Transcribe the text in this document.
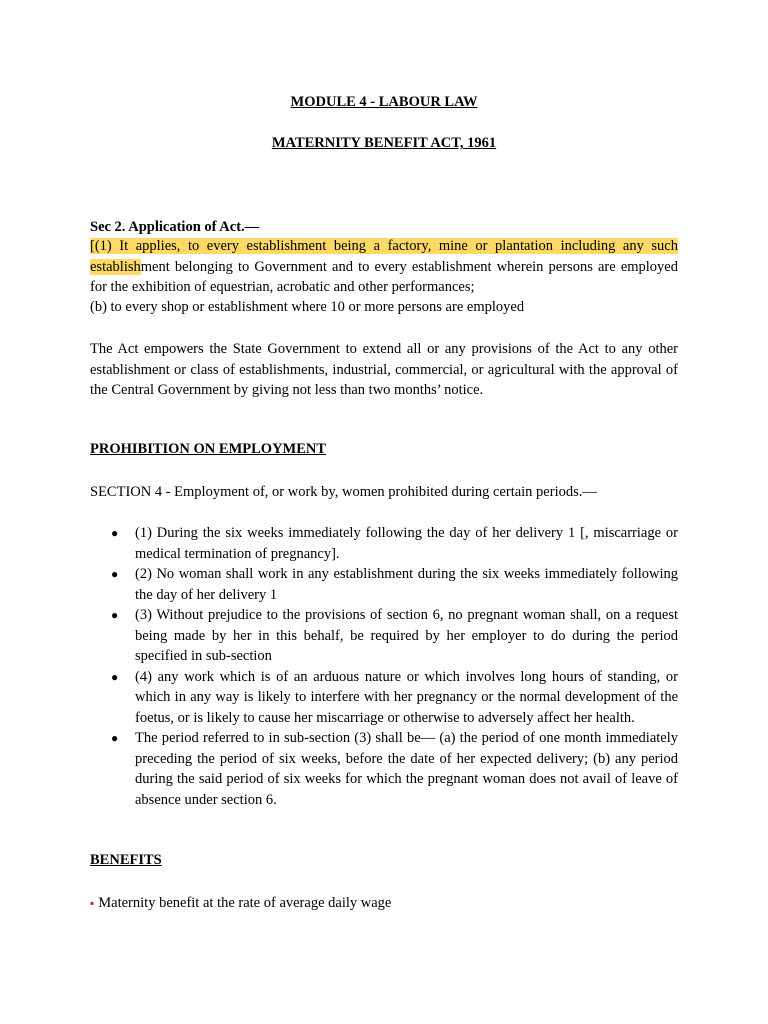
MODULE 4 - LABOUR LAW
MATERNITY BENEFIT ACT, 1961
Sec 2. Application of Act.—
[(1) It applies, to every establishment being a factory, mine or plantation including any such establishment belonging to Government and to every establishment wherein persons are employed for the exhibition of equestrian, acrobatic and other performances;
(b) to every shop or establishment where 10 or more persons are employed
The Act empowers the State Government to extend all or any provisions of the Act to any other establishment or class of establishments, industrial, commercial, or agricultural with the approval of the Central Government by giving not less than two months’ notice.
PROHIBITION ON EMPLOYMENT
SECTION 4 - Employment of, or work by, women prohibited during certain periods.—
● (1) During the six weeks immediately following the day of her delivery 1 [, miscarriage or medical termination of pregnancy].
● (2) No woman shall work in any establishment during the six weeks immediately following the day of her delivery 1
● (3) Without prejudice to the provisions of section 6, no pregnant woman shall, on a request being made by her in this behalf, be required by her employer to do during the period specified in sub-section
● (4) any work which is of an arduous nature or which involves long hours of standing, or which in any way is likely to interfere with her pregnancy or the normal development of the foetus, or is likely to cause her miscarriage or otherwise to adversely affect her health.
● The period referred to in sub-section (3) shall be— (a) the period of one month immediately preceding the period of six weeks, before the date of her expected delivery; (b) any period during the said period of six weeks for which the pregnant woman does not avail of leave of absence under section 6.
BENEFITS
▪ Maternity benefit at the rate of average daily wage
